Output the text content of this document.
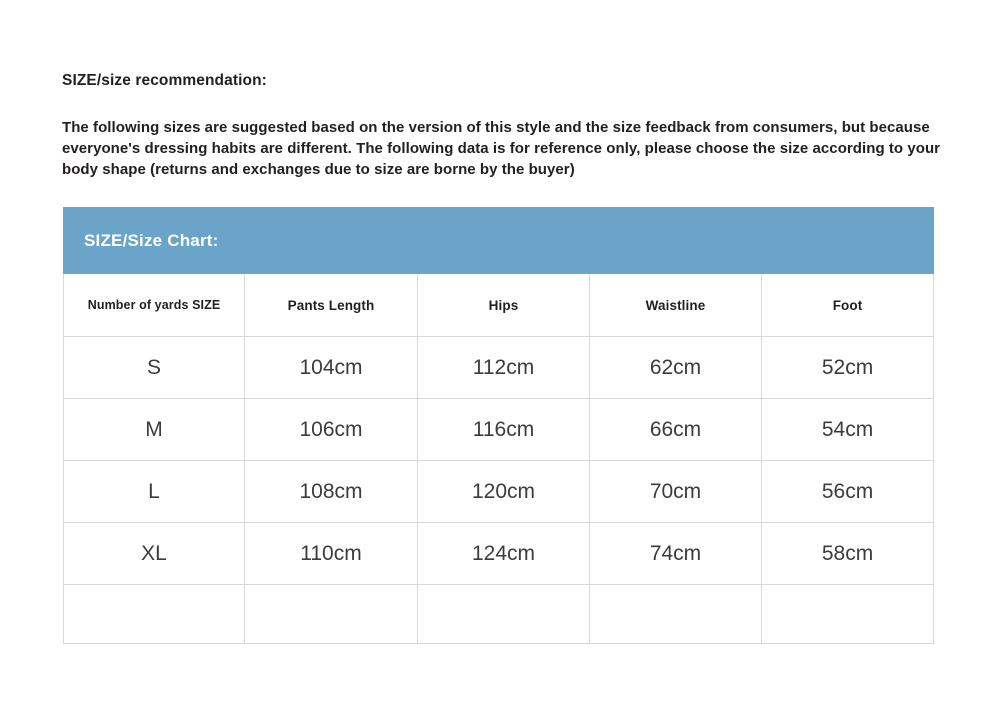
SIZE/size recommendation:

The following sizes are suggested based on the version of this style and the size feedback from consumers, but because everyone's dressing habits are different. The following data is for reference only, please choose the size according to your body shape (returns and exchanges due to size are borne by the buyer)

SIZE/Size Chart:				
Number of yards SIZE	Pants Length	Hips	Waistline	Foot
S	104cm	112cm	62cm	52cm
M	106cm	116cm	66cm	54cm
L	108cm	120cm	70cm	56cm
XL	110cm	124cm	74cm	58cm
